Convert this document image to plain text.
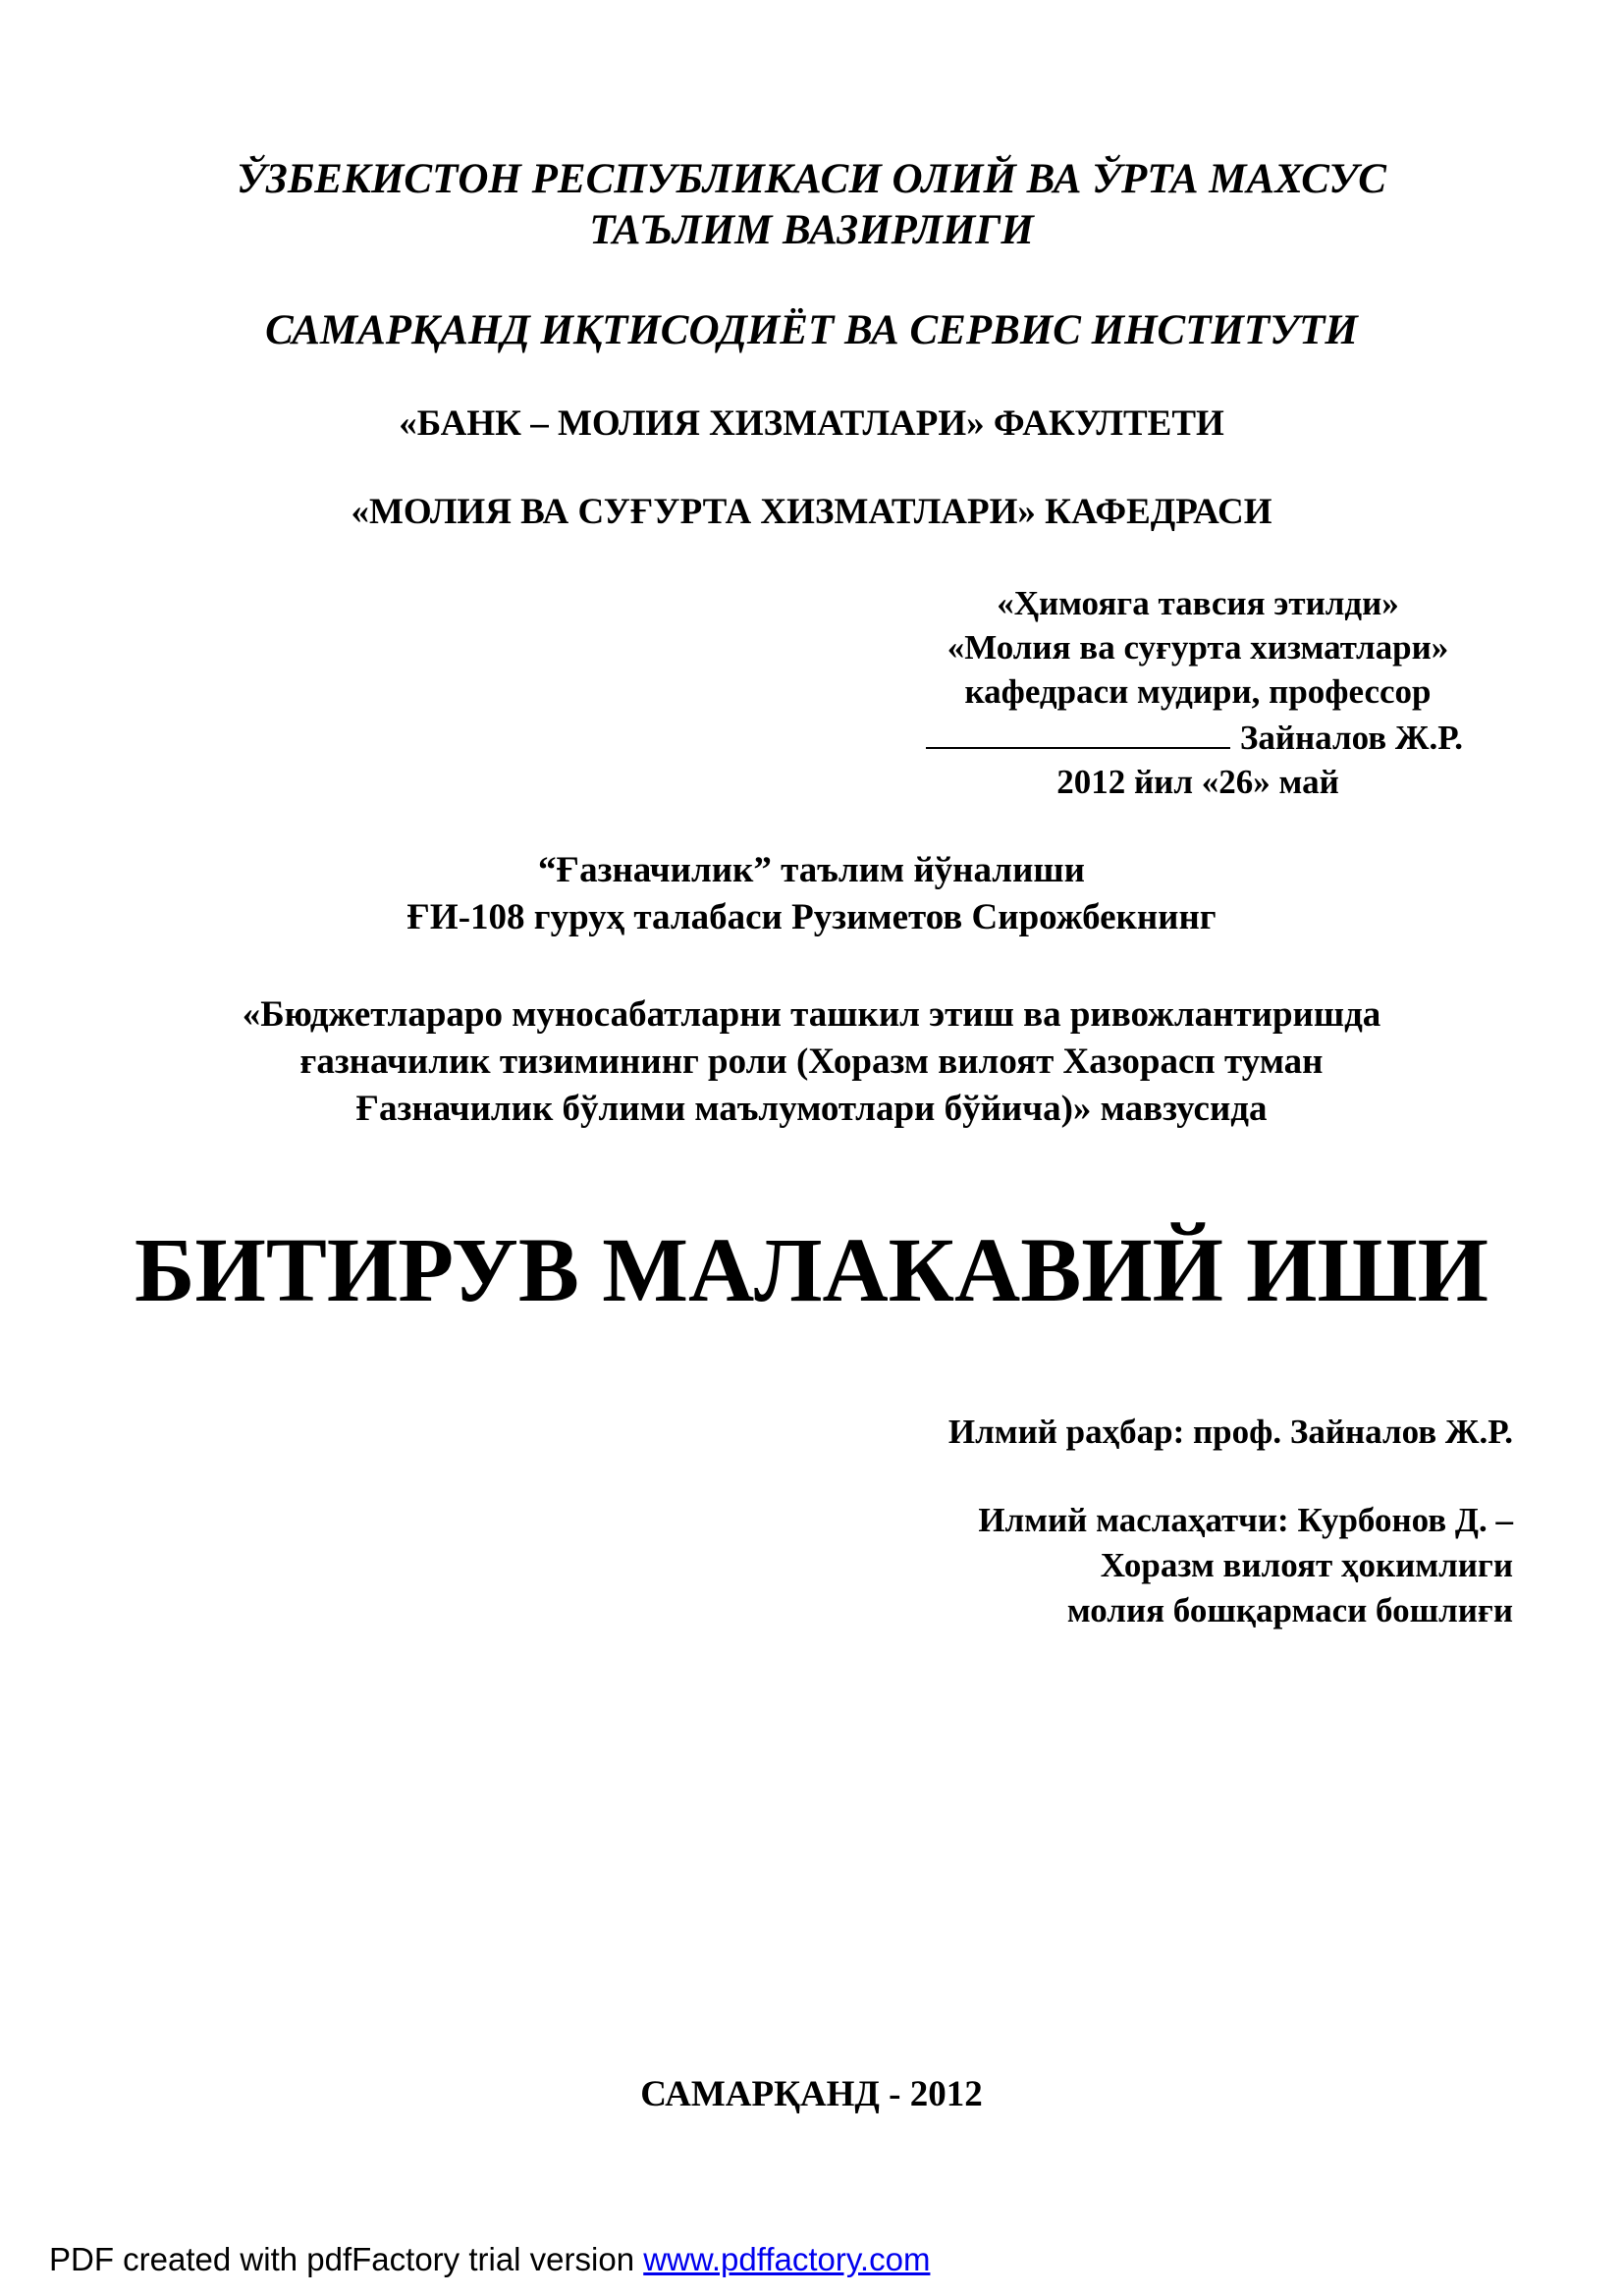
ЎЗБЕКИСТОН РЕСПУБЛИКАСИ ОЛИЙ ВА ЎРТА МАХСУС
ТАЪЛИМ ВАЗИРЛИГИ
САМАРҚАНД ИҚТИСОДИЁТ ВА СЕРВИС ИНСТИТУТИ
«БАНК – МОЛИЯ ХИЗМАТЛАРИ» ФАКУЛТЕТИ
«МОЛИЯ ВА СУҒУРТА ХИЗМАТЛАРИ» КАФЕДРАСИ
«Ҳимояга тавсия этилди»
«Молия ва суғурта хизматлари»
кафедраси мудири, профессор
Зайналов Ж.Р.
2012 йил «26» май
“Ғазначилик” таълим йўналиши
ҒИ-108 гуруҳ талабаси Рузиметов Сирожбекнинг
«Бюджетлараро муносабатларни ташкил этиш ва ривожлантиришда
ғазначилик тизимининг роли (Хоразм вилоят Хазорасп туман
Ғазначилик бўлими маълумотлари бўйича)» мавзусида
БИТИРУВ МАЛАКАВИЙ ИШИ
Илмий раҳбар: проф. Зайналов Ж.Р.
Илмий маслаҳатчи: Курбонов Д. –
Хоразм вилоят ҳокимлиги
молия бошқармаси бошлиғи
САМАРҚАНД - 2012
PDF created with pdfFactory trial version www.pdffactory.com
